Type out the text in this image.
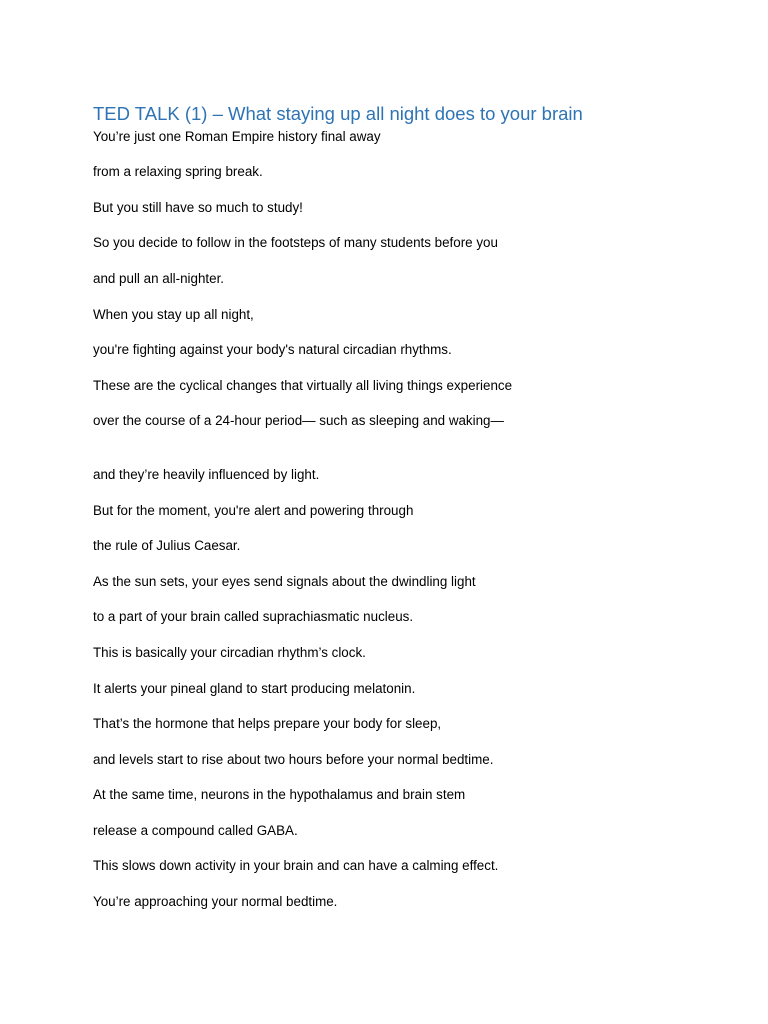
TED TALK (1) – What staying up all night does to your brain

You’re just one Roman Empire history final away

from a relaxing spring break.

But you still have so much to study!

So you decide to follow in the footsteps of many students before you

and pull an all-nighter.

When you stay up all night,

you're fighting against your body's natural circadian rhythms.

These are the cyclical changes that virtually all living things experience

over the course of a 24-hour period— such as sleeping and waking—

and they’re heavily influenced by light.

But for the moment, you're alert and powering through

the rule of Julius Caesar.

As the sun sets, your eyes send signals about the dwindling light

to a part of your brain called suprachiasmatic nucleus.

This is basically your circadian rhythm’s clock.

It alerts your pineal gland to start producing melatonin.

That’s the hormone that helps prepare your body for sleep,

and levels start to rise about two hours before your normal bedtime.

At the same time, neurons in the hypothalamus and brain stem

release a compound called GABA.

This slows down activity in your brain and can have a calming effect.

You’re approaching your normal bedtime.
